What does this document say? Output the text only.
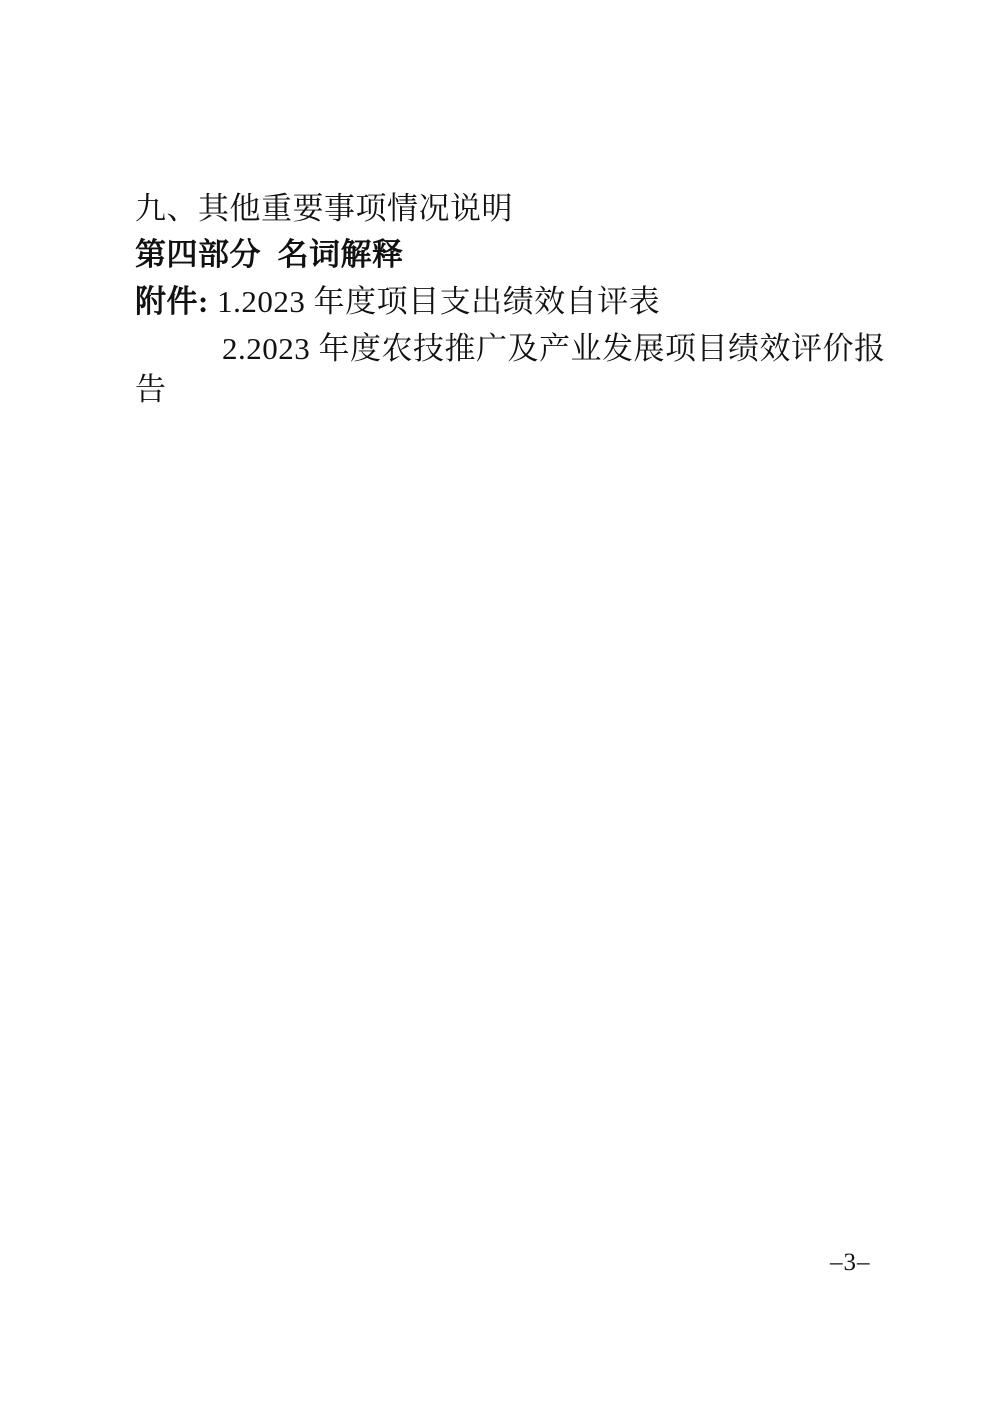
九、其他重要事项情况说明
第四部分  名词解释
附件: 1.2023 年度项目支出绩效自评表
2.2023 年度农技推广及产业发展项目绩效评价报
告
–3–
